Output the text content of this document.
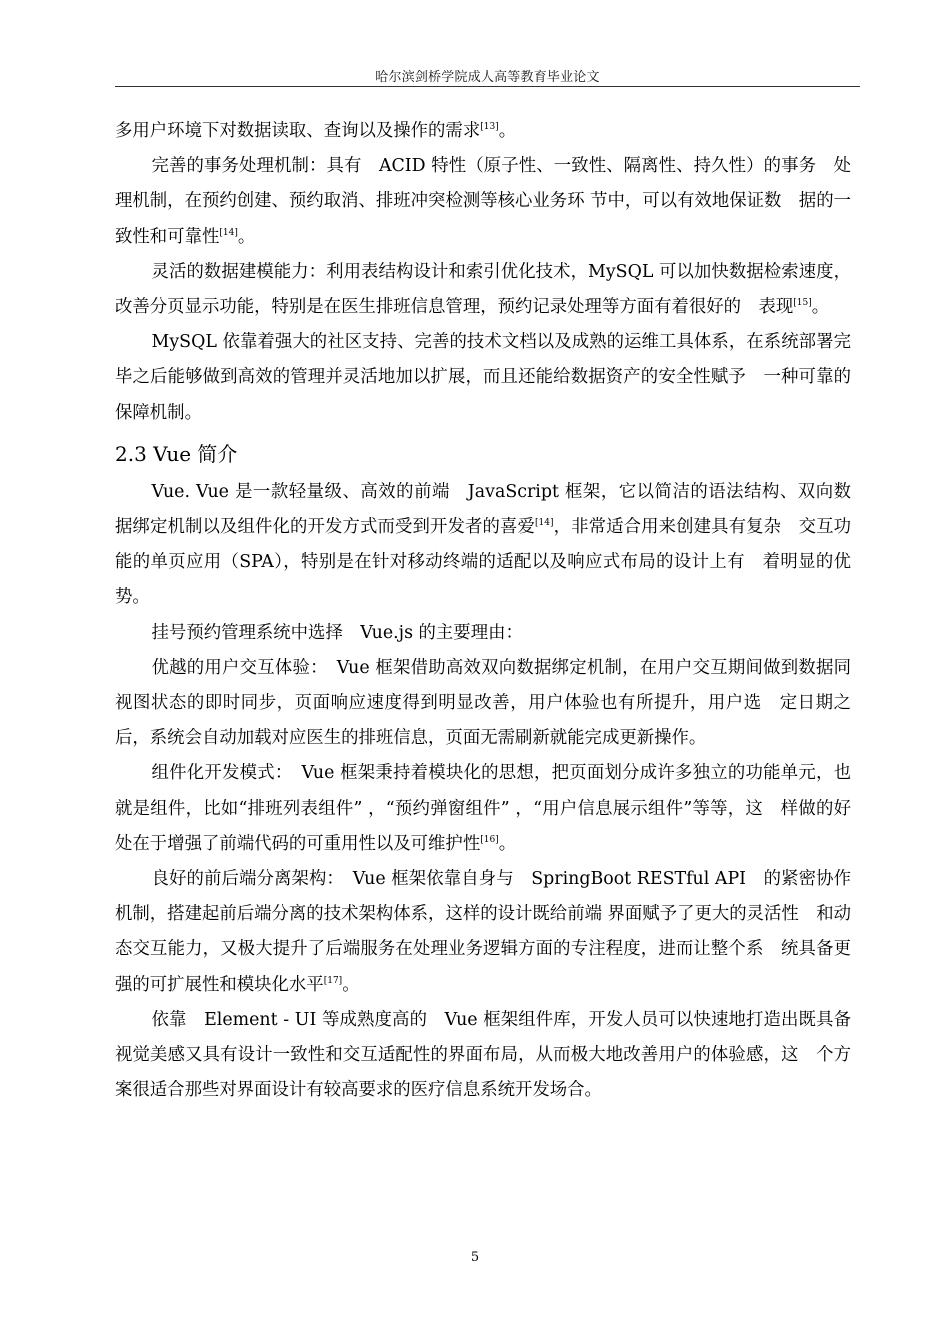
哈尔滨剑桥学院成人高等教育毕业论文

多用户环境下对数据读取、查询以及操作的需求[13]。

完善的事务处理机制：具有　ACID 特性（原子性、一致性、隔离性、持久性）的事务　处理机制，在预约创建、预约取消、排班冲突检测等核心业务环 节中，可以有效地保证数　据的一致性和可靠性[14]。

灵活的数据建模能力：利用表结构设计和索引优化技术，MySQL 可以加快数据检索速度，改善分页显示功能，特别是在医生排班信息管理，预约记录处理等方面有着很好的　表现[15]。

MySQL 依靠着强大的社区支持、完善的技术文档以及成熟的运维工具体系，在系统部署完毕之后能够做到高效的管理并灵活地加以扩展，而且还能给数据资产的安全性赋予　一种可靠的保障机制。

2.3 Vue 简介

Vue. Vue 是一款轻量级、高效的前端　JavaScript 框架，它以简洁的语法结构、双向数　据绑定机制以及组件化的开发方式而受到开发者的喜爱[14]，非常适合用来创建具有复杂　交互功能的单页应用（SPA），特别是在针对移动终端的适配以及响应式布局的设计上有　着明显的优势。

挂号预约管理系统中选择　Vue.js 的主要理由：

优越的用户交互体验：　Vue 框架借助高效双向数据绑定机制，在用户交互期间做到数据同视图状态的即时同步，页面响应速度得到明显改善，用户体验也有所提升，用户选　定日期之后，系统会自动加载对应医生的排班信息，页面无需刷新就能完成更新操作。

组件化开发模式：　Vue 框架秉持着模块化的思想，把页面划分成许多独立的功能单元，也就是组件，比如“排班列表组件” ，“预约弹窗组件” ，“用户信息展示组件”等等，这　样做的好处在于增强了前端代码的可重用性以及可维护性[16]。

良好的前后端分离架构：　Vue 框架依靠自身与　SpringBoot RESTful API　的紧密协作　机制，搭建起前后端分离的技术架构体系，这样的设计既给前端 界面赋予了更大的灵活性　和动态交互能力，又极大提升了后端服务在处理业务逻辑方面的专注程度，进而让整个系　统具备更强的可扩展性和模块化水平[17]。

依靠　Element - UI 等成熟度高的　Vue 框架组件库，开发人员可以快速地打造出既具备　视觉美感又具有设计一致性和交互适配性的界面布局，从而极大地改善用户的体验感，这　个方案很适合那些对界面设计有较高要求的医疗信息系统开发场合。

5
